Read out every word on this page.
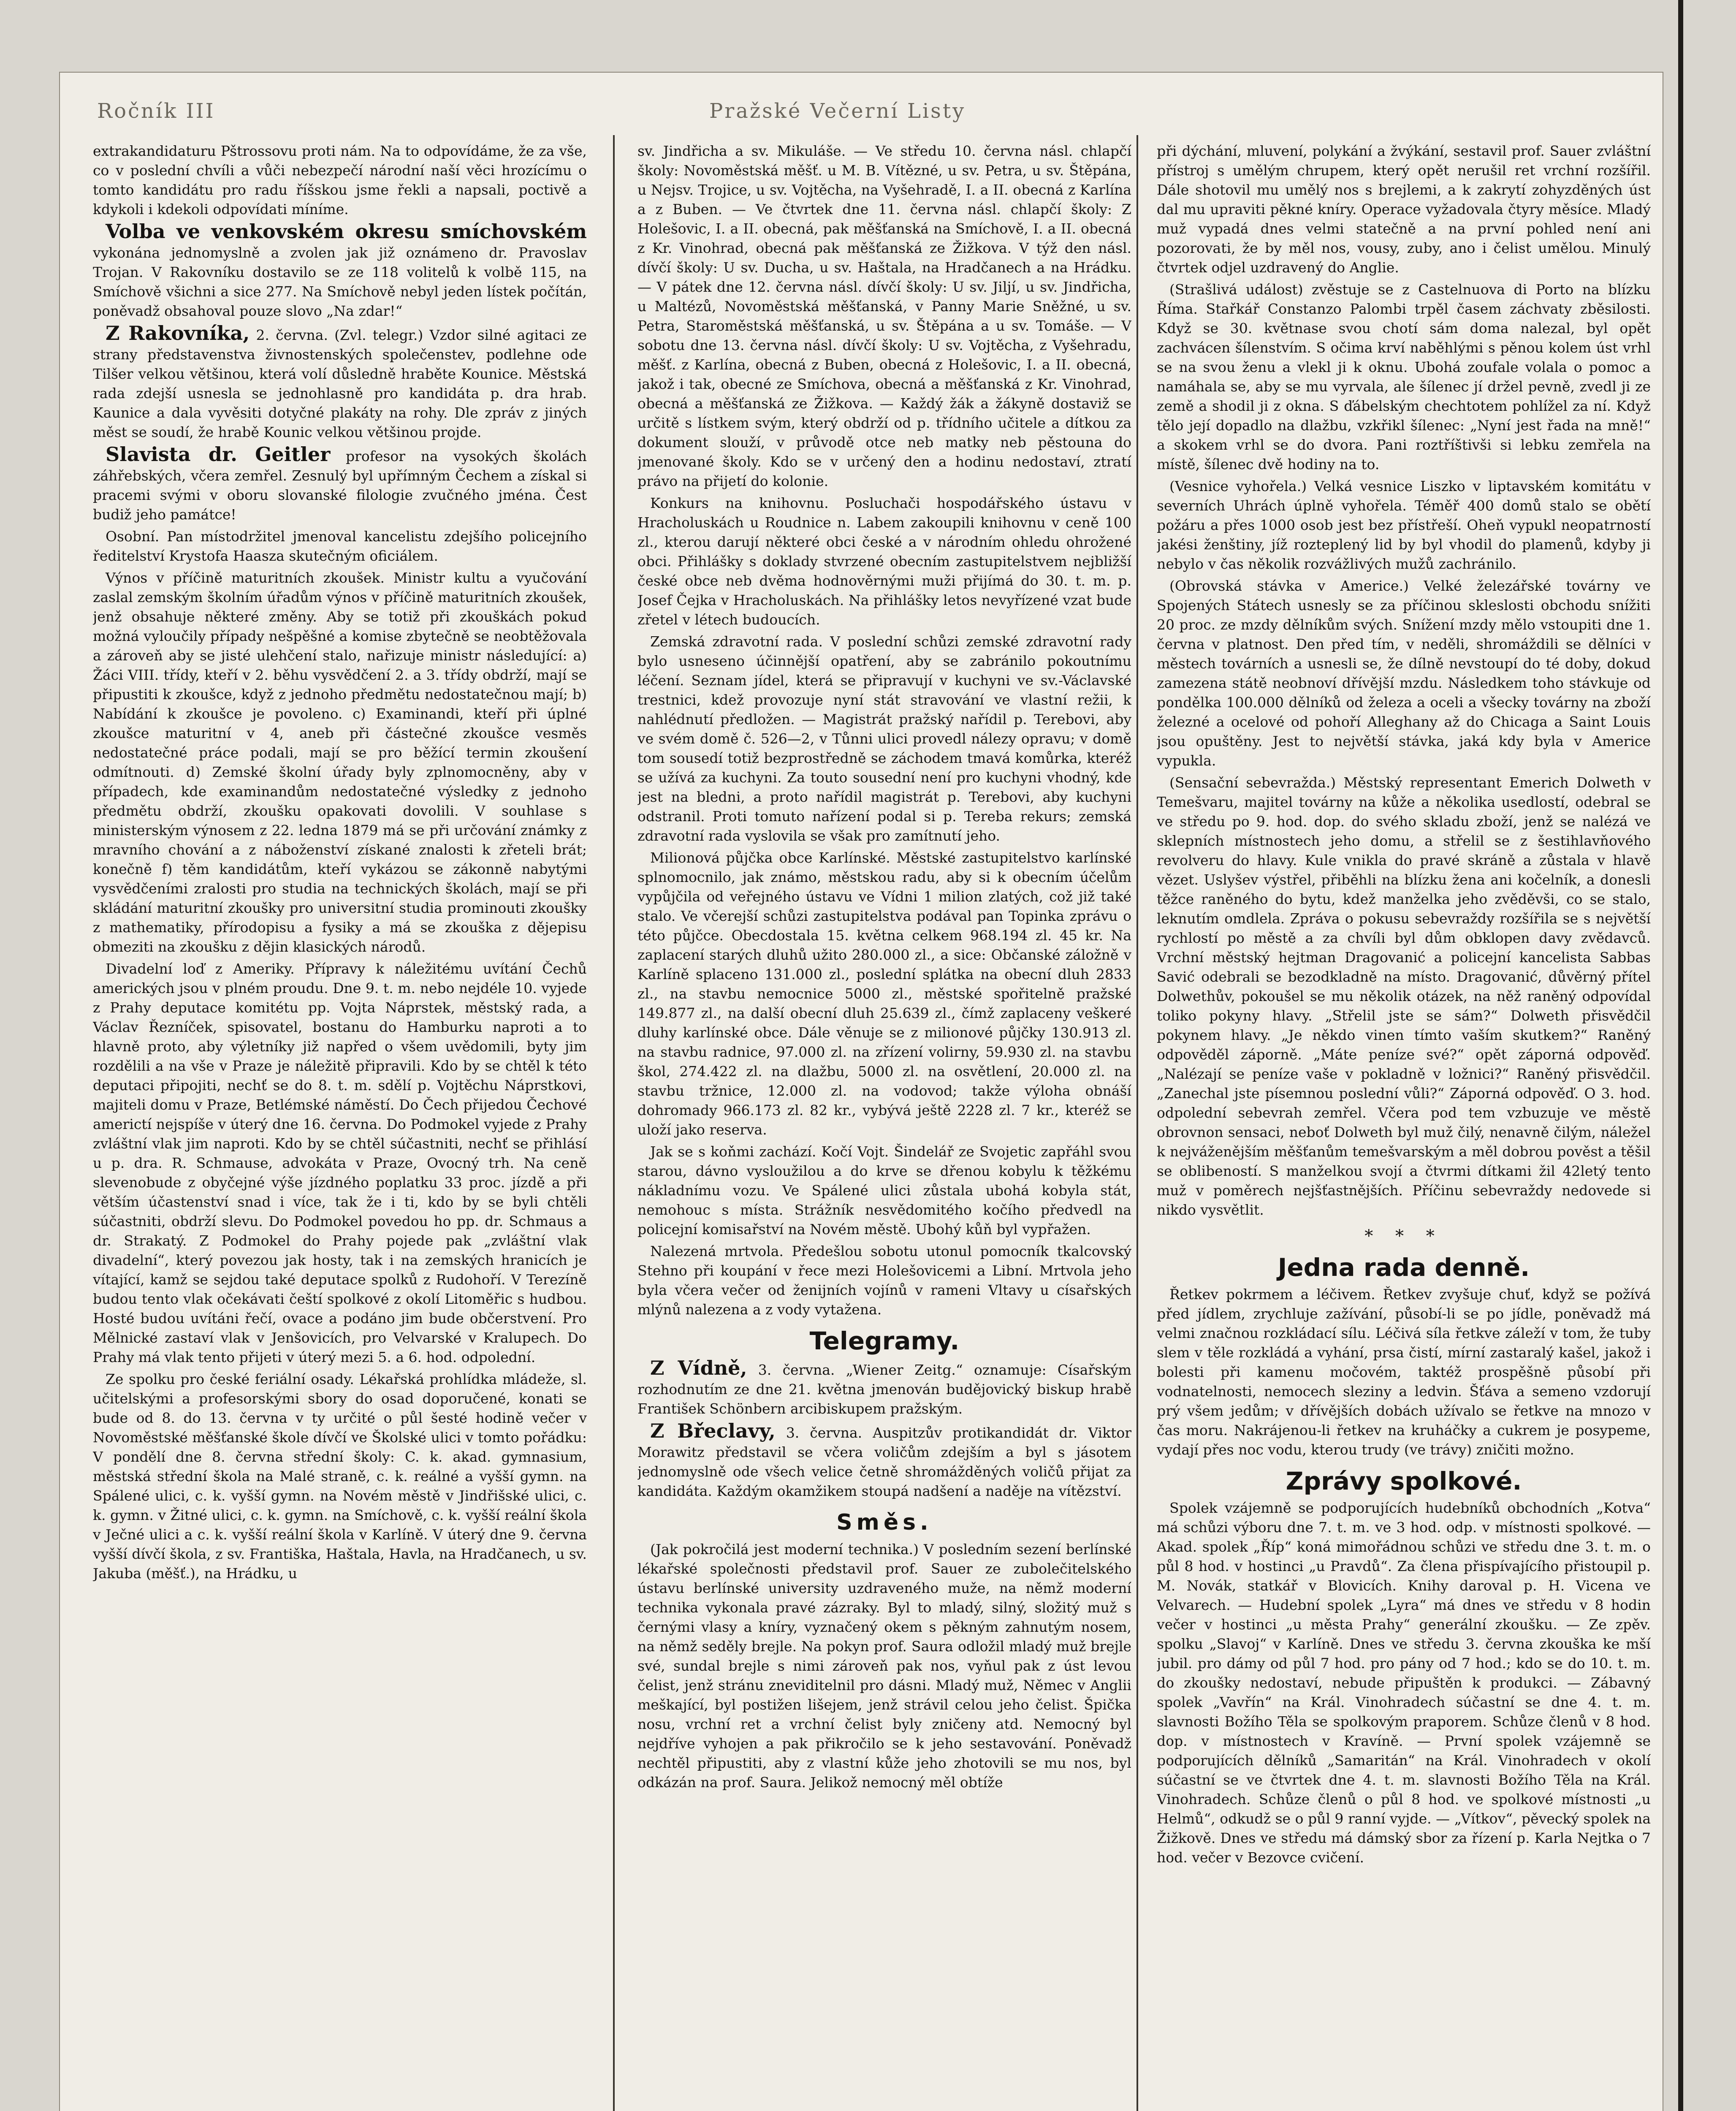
Ročník III	Pražské Večerní Listy

extrakandidaturu Pštrossovu proti nám. Na to odpovídáme, že za vše, co v poslední chvíli a vůči nebezpečí národní naší věci hrozícímu o tomto kandidátu pro radu říšskou jsme řekli a napsali, poctivě a kdykoli i kdekoli odpovídati míníme.

Volba ve venkovském okresu smíchovském vykonána jednomyslně a zvolen jak již oznámeno dr. Pravoslav Trojan. V Rakovníku dostavilo se ze 118 volitelů k volbě 115, na Smíchově všichni a sice 277. Na Smíchově nebyl jeden lístek počítán, poněvadž obsahoval pouze slovo „Na zdar!“

Z Rakovníka, 2. června. (Zvl. telegr.) Vzdor silné agitaci ze strany představenstva živnostenských společenstev, podlehne ode Tilšer velkou většinou, která volí důsledně hraběte Kounice. Městská rada zdejší usnesla se jednohlasně pro kandidáta p. dra hrab. Kaunice a dala vyvěsiti dotyčné plakáty na rohy. Dle zpráv z jiných měst se soudí, že hrabě Kounic velkou většinou projde.

Slavista dr. Geitler profesor na vysokých školách záhřebských, včera zemřel. Zesnulý byl upřímným Čechem a získal si pracemi svými v oboru slovanské filologie zvučného jména. Čest budiž jeho památce!

Osobní. Pan místodržitel jmenoval kancelistu zdejšího policejního ředitelství Krystofa Haasza skutečným oficiálem.

Výnos v příčině maturitních zkoušek. Ministr kultu a vyučování zaslal zemským školním úřadům výnos v příčině maturitních zkoušek, jenž obsahuje některé změny. Aby se totiž při zkouškách pokud možná vyloučily případy nešpěšné a komise zbytečně se neobtěžovala a zároveň aby se jisté ulehčení stalo, nařizuje ministr následující: a) Žáci VIII. třídy, kteří v 2. běhu vysvědčení 2. a 3. třídy obdrží, mají se připustiti k zkoušce, když z jednoho předmětu nedostatečnou mají; b) Nabídání k zkoušce je povoleno. c) Examinandi, kteří při úplné zkoušce maturitní v 4, aneb při částečné zkoušce vesměs nedostatečné práce podali, mají se pro běžící termin zkoušení odmítnouti. d) Zemské školní úřady byly zplnomocněny, aby v případech, kde examinandům nedostatečné výsledky z jednoho předmětu obdrží, zkoušku opakovati dovolili. V souhlase s ministerským výnosem z 22. ledna 1879 má se při určování známky z mravního chování a z náboženství získané znalosti k zřeteli brát; konečně f) těm kandidátům, kteří vykázou se zákonně nabytými vysvědčeními zralosti pro studia na technických školách, mají se při skládání maturitní zkoušky pro universitní studia prominouti zkoušky z mathematiky, přírodopisu a fysiky a má se zkouška z dějepisu obmeziti na zkoušku z dějin klasických národů.

Divadelní loď z Ameriky. Přípravy k náležitému uvítání Čechů amerických jsou v plném proudu. Dne 9. t. m. nebo nejdéle 10. vyjede z Prahy deputace komitétu pp. Vojta Náprstek, městský rada, a Václav Řezníček, spisovatel, bostanu do Hamburku naproti a to hlavně proto, aby výletníky již napřed o všem uvědomili, byty jim rozdělili a na vše v Praze je náležitě připravili. Kdo by se chtěl k této deputaci připojiti, nechť se do 8. t. m. sdělí p. Vojtěchu Náprstkovi, majiteli domu v Praze, Betlémské náměstí. Do Čech přijedou Čechové americtí nejspíše v úterý dne 16. června. Do Podmokel vyjede z Prahy zvláštní vlak jim naproti. Kdo by se chtěl súčastniti, nechť se přihlásí u p. dra. R. Schmause, advokáta v Praze, Ovocný trh. Na ceně slevenobude z obyčejné výše jízdného poplatku 33 proc. jízdě a při větším účastenství snad i více, tak že i ti, kdo by se byli chtěli súčastniti, obdrží slevu. Do Podmokel povedou ho pp. dr. Schmaus a dr. Strakatý. Z Podmokel do Prahy pojede pak „zvláštní vlak divadelní“, který povezou jak hosty, tak i na zemských hranicích je vítající, kamž se sejdou také deputace spolků z Rudohoří. V Terezíně budou tento vlak očekávati čeští spolkové z okolí Litoměřic s hudbou. Hosté budou uvítáni řečí, ovace a podáno jim bude občerstvení. Pro Mělnické zastaví vlak v Jenšovicích, pro Velvarské v Kralupech. Do Prahy má vlak tento přijeti v úterý mezi 5. a 6. hod. odpolední.

Ze spolku pro české feriální osady. Lékařská prohlídka mládeže, sl. učitelskými a profesorskými sbory do osad doporučené, konati se bude od 8. do 13. června v ty určité o půl šesté hodině večer v Novoměstské měšťanské škole dívčí ve Školské ulici v tomto pořádku: V pondělí dne 8. června střední školy: C. k. akad. gymnasium, městská střední škola na Malé straně, c. k. reálné a vyšší gymn. na Spálené ulici, c. k. vyšší gymn. na Novém městě v Jindřišské ulici, c. k. gymn. v Žitné ulici, c. k. gymn. na Smíchově, c. k. vyšší reální škola v Ječné ulici a c. k. vyšší reální škola v Karlíně. V úterý dne 9. června vyšší dívčí škola, z sv. Františka, Haštala, Havla, na Hradčanech, u sv. Jakuba (měšť.), na Hrádku, u

sv. Jindřicha a sv. Mikuláše. — Ve středu 10. června násl. chlapčí školy: Novoměstská měšť. u M. B. Vítězné, u sv. Petra, u sv. Štěpána, u Nejsv. Trojice, u sv. Vojtěcha, na Vyšehradě, I. a II. obecná z Karlína a z Buben. — Ve čtvrtek dne 11. června násl. chlapčí školy: Z Holešovic, I. a II. obecná, pak měšťanská na Smíchově, I. a II. obecná z Kr. Vinohrad, obecná pak měšťanská ze Žižkova. V týž den násl. dívčí školy: U sv. Ducha, u sv. Haštala, na Hradčanech a na Hrádku. — V pátek dne 12. června násl. dívčí školy: U sv. Jiljí, u sv. Jindřicha, u Maltézů, Novoměstská měšťanská, v Panny Marie Sněžné, u sv. Petra, Staroměstská měšťanská, u sv. Štěpána a u sv. Tomáše. — V sobotu dne 13. června násl. dívčí školy: U sv. Vojtěcha, z Vyšehradu, měšť. z Karlína, obecná z Buben, obecná z Holešovic, I. a II. obecná, jakož i tak, obecné ze Smíchova, obecná a měšťanská z Kr. Vinohrad, obecná a měšťanská ze Žižkova. — Každý žák a žákyně dostaviž se určitě s lístkem svým, který obdrží od p. třídního učitele a dítkou za dokument slouží, v průvodě otce neb matky neb pěstouna do jmenované školy. Kdo se v určený den a hodinu nedostaví, ztratí právo na přijetí do kolonie.

Konkurs na knihovnu. Posluchači hospodářského ústavu v Hracholuskách u Roudnice n. Labem zakoupili knihovnu v ceně 100 zl., kterou darují některé obci české a v národním ohledu ohrožené obci. Přihlášky s doklady stvrzené obecním zastupitelstvem nejbližší české obce neb dvěma hodnověrnými muži přijímá do 30. t. m. p. Josef Čejka v Hracholuskách. Na přihlášky letos nevyřízené vzat bude zřetel v létech budoucích.

Zemská zdravotní rada. V poslední schůzi zemské zdravotní rady bylo usneseno účinnější opatření, aby se zabránilo pokoutnímu léčení. Seznam jídel, která se připravují v kuchyni ve sv.-Václavské trestnici, kdež provozuje nyní stát stravování ve vlastní režii, k nahlédnutí předložen. — Magistrát pražský nařídil p. Terebovi, aby ve svém domě č. 526—2, v Tůnni ulici provedl nálezy opravu; v domě tom sousedí totiž bezprostředně se záchodem tmavá komůrka, kteréž se užívá za kuchyni. Za touto sousední není pro kuchyni vhodný, kde jest na bledni, a proto nařídil magistrát p. Terebovi, aby kuchyni odstranil. Proti tomuto nařízení podal si p. Tereba rekurs; zemská zdravotní rada vyslovila se však pro zamítnutí jeho.

Milionová půjčka obce Karlínské. Městské zastupitelstvo karlínské splnomocnilo, jak známo, městskou radu, aby si k obecním účelům vypůjčila od veřejného ústavu ve Vídni 1 milion zlatých, což již také stalo. Ve včerejší schůzi zastupitelstva podával pan Topinka zprávu o této půjčce. Obecdostala 15. května celkem 968.194 zl. 45 kr. Na zaplacení starých dluhů užito 280.000 zl., a sice: Občanské záložně v Karlíně splaceno 131.000 zl., poslední splátka na obecní dluh 2833 zl., na stavbu nemocnice 5000 zl., městské spořitelně pražské 149.877 zl., na další obecní dluh 25.639 zl., čímž zaplaceny veškeré dluhy karlínské obce. Dále věnuje se z milionové půjčky 130.913 zl. na stavbu radnice, 97.000 zl. na zřízení volirny, 59.930 zl. na stavbu škol, 274.422 zl. na dlažbu, 5000 zl. na osvětlení, 20.000 zl. na stavbu tržnice, 12.000 zl. na vodovod; takže výloha obnáší dohromady 966.173 zl. 82 kr., vybývá ještě 2228 zl. 7 kr., kteréž se uloží jako reserva.

Jak se s koňmi zachází. Kočí Vojt. Šindelář ze Svojetic zapřáhl svou starou, dávno vysloužilou a do krve se dřenou kobylu k těžkému nákladnímu vozu. Ve Spálené ulici zůstala ubohá kobyla stát, nemohouc s místa. Strážník nesvědomitého kočího předvedl na policejní komisařství na Novém městě. Ubohý kůň byl vypřažen.

Nalezená mrtvola. Předešlou sobotu utonul pomocník tkalcovský Stehno při koupání v řece mezi Holešovicemi a Libní. Mrtvola jeho byla včera večer od ženijních vojínů v rameni Vltavy u císařských mlýnů nalezena a z vody vytažena.

Telegramy.

Z Vídně, 3. června. „Wiener Zeitg.“ oznamuje: Císařským rozhodnutím ze dne 21. května jmenován budějovický biskup hrabě František Schönbern arcibiskupem pražským.

Z Břeclavy, 3. června. Auspitzův protikandidát dr. Viktor Morawitz představil se včera voličům zdejším a byl s jásotem jednomyslně ode všech velice četně shromážděných voličů přijat za kandidáta. Každým okamžikem stoupá nadšení a naděje na vítězství.

Směs.

(Jak pokročilá jest moderní technika.) V posledním sezení berlínské lékařské společnosti představil prof. Sauer ze zubolečitelského ústavu berlínské university uzdraveného muže, na němž moderní technika vykonala pravé zázraky. Byl to mladý, silný, složitý muž s černými vlasy a kníry, vyznačený okem s pěkným zahnutým nosem, na němž seděly brejle. Na pokyn prof. Saura odložil mladý muž brejle své, sundal brejle s nimi zároveň pak nos, vyňul pak z úst levou čelist, jenž stránu zneviditelnil pro dásni. Mladý muž, Němec v Anglii meškající, byl postižen lišejem, jenž strávil celou jeho čelist. Špička nosu, vrchní ret a vrchní čelist byly zničeny atd. Nemocný byl nejdříve vyhojen a pak přikročilo se k jeho sestavování. Poněvadž nechtěl připustiti, aby z vlastní kůže jeho zhotovili se mu nos, byl odkázán na prof. Saura. Jelikož nemocný měl obtíže

při dýchání, mluvení, polykání a žvýkání, sestavil prof. Sauer zvláštní přístroj s umělým chrupem, který opět nerušil ret vrchní rozšířil. Dále shotovil mu umělý nos s brejlemi, a k zakrytí zohyzděných úst dal mu upraviti pěkné kníry. Operace vyžadovala čtyry měsíce. Mladý muž vypadá dnes velmi statečně a na první pohled není ani pozorovati, že by měl nos, vousy, zuby, ano i čelist umělou. Minulý čtvrtek odjel uzdravený do Anglie.

(Strašlivá událost) zvěstuje se z Castelnuova di Porto na blízku Říma. Stařkář Constanzo Palombi trpěl časem záchvaty zběsilosti. Když se 30. květnase svou chotí sám doma nalezal, byl opět zachvácen šílenstvím. S očima krví naběhlými s pěnou kolem úst vrhl se na svou ženu a vlekl ji k oknu. Ubohá zoufale volala o pomoc a namáhala se, aby se mu vyrvala, ale šílenec jí držel pevně, zvedl ji ze země a shodil ji z okna. S ďábelským chechtotem pohlížel za ní. Když tělo její dopadlo na dlažbu, vzkřikl šílenec: „Nyní jest řada na mně!“ a skokem vrhl se do dvora. Pani roztříštivši si lebku zemřela na místě, šílenec dvě hodiny na to.

(Vesnice vyhořela.) Velká vesnice Liszko v liptavském komitátu v severních Uhrách úplně vyhořela. Téměř 400 domů stalo se obětí požáru a přes 1000 osob jest bez přístřeší. Oheň vypukl neopatrností jakési ženštiny, jíž rozteplený lid by byl vhodil do plamenů, kdyby ji nebylo v čas několik rozvážlivých mužů zachránilo.

(Obrovská stávka v Americe.) Velké železářské továrny ve Spojených Státech usnesly se za příčinou skleslosti obchodu snížiti 20 proc. ze mzdy dělníkům svých. Snížení mzdy mělo vstoupiti dne 1. června v platnost. Den před tím, v neděli, shromáždili se dělníci v městech továrních a usnesli se, že dílně nevstoupí do té doby, dokud zamezena státě neobnoví dřívější mzdu. Následkem toho stávkuje od pondělka 100.000 dělníků od železa a oceli a všecky továrny na zboží železné a ocelové od pohoří Alleghany až do Chicaga a Saint Louis jsou opuštěny. Jest to největší stávka, jaká kdy byla v Americe vypukla.

(Sensační sebevražda.) Městský representant Emerich Dolweth v Temešvaru, majitel továrny na kůže a několika usedlostí, odebral se ve středu po 9. hod. dop. do svého skladu zboží, jenž se nalézá ve sklepních místnostech jeho domu, a střelil se z šestihlavňového revolveru do hlavy. Kule vnikla do pravé skráně a zůstala v hlavě vězet. Uslyšev výstřel, přiběhli na blízku žena ani kočelník, a donesli těžce raněného do bytu, kdež manželka jeho zvěděvši, co se stalo, leknutím omdlela. Zpráva o pokusu sebevraždy rozšířila se s největší rychlostí po městě a za chvíli byl dům obklopen davy zvědavců. Vrchní městský hejtman Dragovanić a policejní kancelista Sabbas Savić odebrali se bezodkladně na místo. Dragovanić, důvěrný přítel Dolwethův, pokoušel se mu několik otázek, na něž raněný odpovídal toliko pokyny hlavy. „Střelil jste se sám?“ Dolweth přisvědčil pokynem hlavy. „Je někdo vinen tímto vaším skutkem?“ Raněný odpověděl záporně. „Máte peníze své?“ opět záporná odpověď. „Nalézají se peníze vaše v pokladně v ložnici?“ Raněný přisvědčil. „Zanechal jste písemnou poslední vůli?“ Záporná odpověď. O 3. hod. odpolední sebevrah zemřel. Včera pod tem vzbuzuje ve městě obrovnon sensaci, neboť Dolweth byl muž čilý, nenavně čilým, náležel k nejváženějším měšťanům temešvarským a měl dobrou pověst a těšil se oblibeností. S manželkou svojí a čtvrmi dítkami žil 42letý tento muž v poměrech nejšťastnějších. Příčinu sebevraždy nedovede si nikdo vysvětlit.

* * *
Jedna rada denně.

Řetkev pokrmem a léčivem. Řetkev zvyšuje chuť, když se požívá před jídlem, zrychluje zažívání, působí-li se po jídle, poněvadž má velmi značnou rozkládací sílu. Léčivá síla řetkve záleží v tom, že tuby slem v těle rozkládá a vyhání, prsa čistí, mírní zastaralý kašel, jakož i bolesti při kamenu močovém, taktéž prospěšně působí při vodnatelnosti, nemocech sleziny a ledvin. Šťáva a semeno vzdorují prý všem jedům; v dřívějších dobách užívalo se řetkve na mnozo v čas moru. Nakrájenou-li řetkev na kruháčky a cukrem je posypeme, vydají přes noc vodu, kterou trudy (ve trávy) zničiti možno.

Zprávy spolkové.

Spolek vzájemně se podporujících hudebníků obchodních „Kotva“ má schůzi výboru dne 7. t. m. ve 3 hod. odp. v místnosti spolkové. — Akad. spolek „Říp“ koná mimořádnou schůzi ve středu dne 3. t. m. o půl 8 hod. v hostinci „u Pravdů“. Za člena přispívajícího přistoupil p. M. Novák, statkář v Blovicích. Knihy daroval p. H. Vicena ve Velvarech. — Hudební spolek „Lyra“ má dnes ve středu v 8 hodin večer v hostinci „u města Prahy“ generální zkoušku. — Ze zpěv. spolku „Slavoj“ v Karlíně. Dnes ve středu 3. června zkouška ke mší jubil. pro dámy od půl 7 hod. pro pány od 7 hod.; kdo se do 10. t. m. do zkoušky nedostaví, nebude připuštěn k produkci. — Zábavný spolek „Vavřín“ na Král. Vinohradech súčastní se dne 4. t. m. slavnosti Božího Těla se spolkovým praporem. Schůze členů v 8 hod. dop. v místnostech v Kravíně. — První spolek vzájemně se podporujících dělníků „Samaritán“ na Král. Vinohradech v okolí súčastní se ve čtvrtek dne 4. t. m. slavnosti Božího Těla na Král. Vinohradech. Schůze členů o půl 8 hod. ve spolkové místnosti „u Helmů“, odkudž se o půl 9 ranní vyjde. — „Vítkov“, pěvecký spolek na Žižkově. Dnes ve středu má dámský sbor za řízení p. Karla Nejtka o 7 hod. večer v Bezovce cvičení.
